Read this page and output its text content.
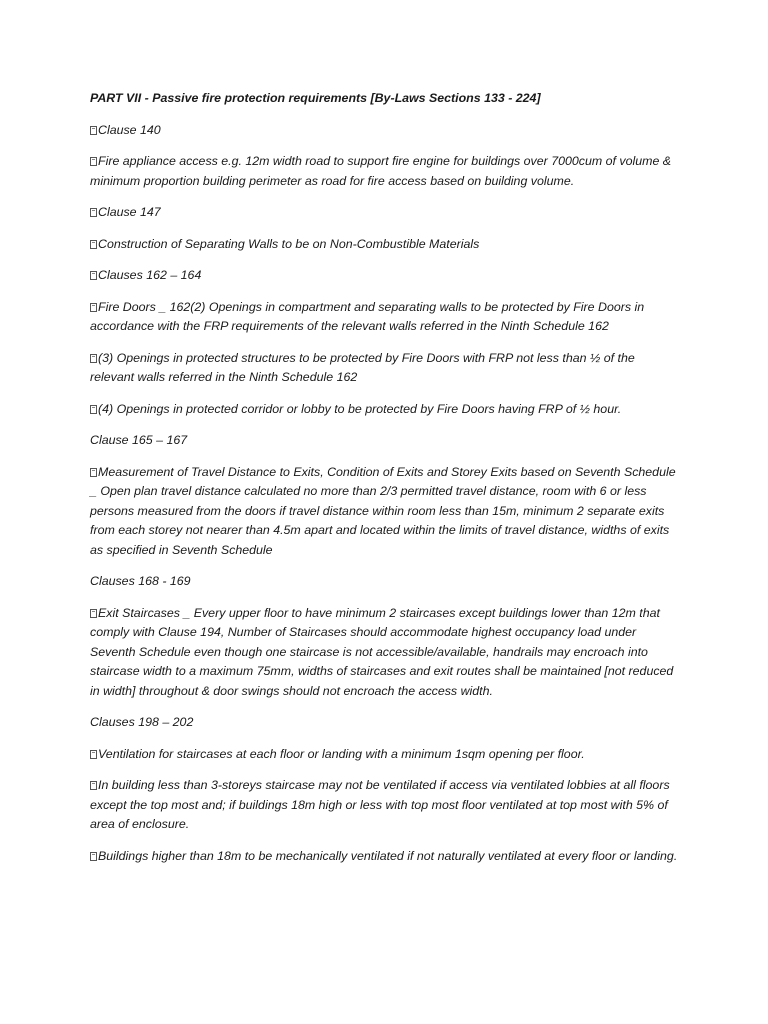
PART VII - Passive fire protection requirements [By-Laws Sections 133 - 224]

Clause 140

Fire appliance access e.g. 12m width road to support fire engine for buildings over 7000cum of volume & minimum proportion building perimeter as road for fire access based on building volume.

Clause 147

Construction of Separating Walls to be on Non-Combustible Materials

Clauses 162 – 164

Fire Doors _ 162(2) Openings in compartment and separating walls to be protected by Fire Doors in accordance with the FRP requirements of the relevant walls referred in the Ninth Schedule 162

(3) Openings in protected structures to be protected by Fire Doors with FRP not less than ½ of the relevant walls referred in the Ninth Schedule 162

(4) Openings in protected corridor or lobby to be protected by Fire Doors having FRP of ½ hour.

Clause 165 – 167

Measurement of Travel Distance to Exits, Condition of Exits and Storey Exits based on Seventh Schedule _ Open plan travel distance calculated no more than 2/3 permitted travel distance, room with 6 or less persons measured from the doors if travel distance within room less than 15m, minimum 2 separate exits from each storey not nearer than 4.5m apart and located within the limits of travel distance, widths of exits as specified in Seventh Schedule

Clauses 168 - 169

Exit Staircases _ Every upper floor to have minimum 2 staircases except buildings lower than 12m that comply with Clause 194, Number of Staircases should accommodate highest occupancy load under Seventh Schedule even though one staircase is not accessible/available, handrails may encroach into staircase width to a maximum 75mm, widths of staircases and exit routes shall be maintained [not reduced in width] throughout & door swings should not encroach the access width.

Clauses 198 – 202

Ventilation for staircases at each floor or landing with a minimum 1sqm opening per floor.

In building less than 3-storeys staircase may not be ventilated if access via ventilated lobbies at all floors except the top most and; if buildings 18m high or less with top most floor ventilated at top most with 5% of area of enclosure.

Buildings higher than 18m to be mechanically ventilated if not naturally ventilated at every floor or landing.
